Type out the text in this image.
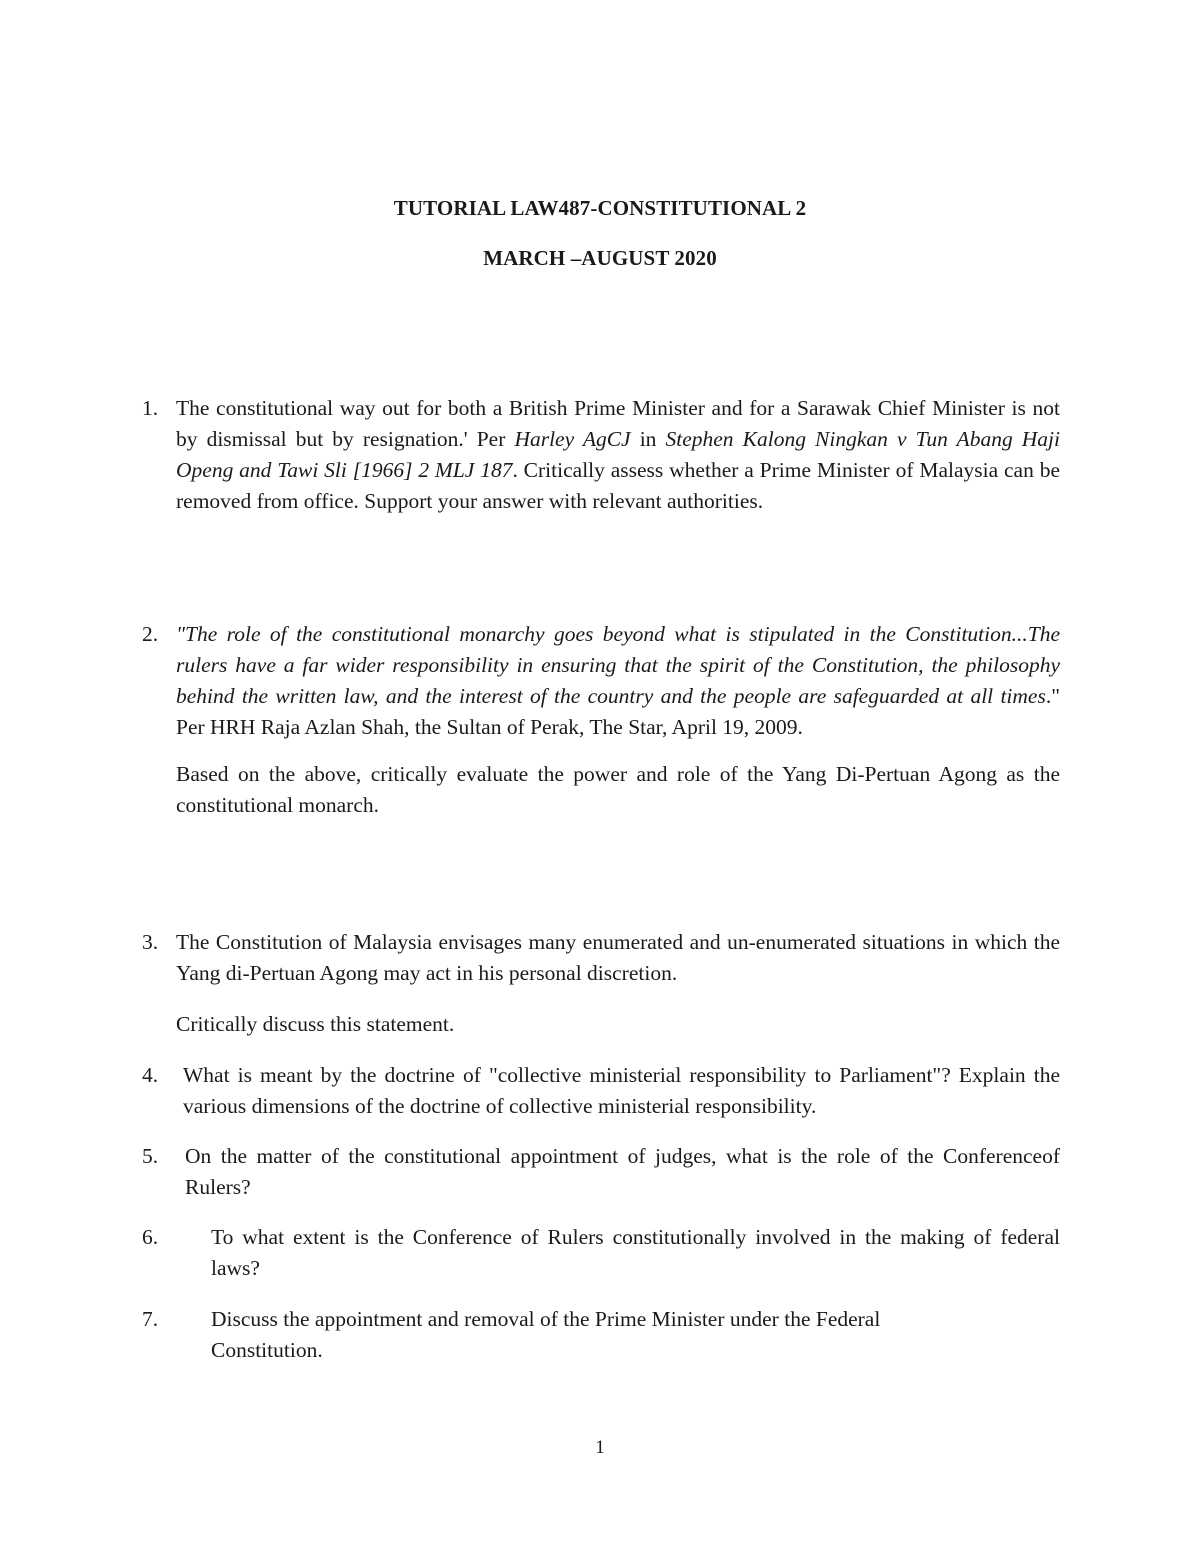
TUTORIAL LAW487-CONSTITUTIONAL 2
MARCH –AUGUST 2020
1. The constitutional way out for both a British Prime Minister and for a Sarawak Chief Minister is not by dismissal but by resignation.' Per Harley AgCJ in Stephen Kalong Ningkan v Tun Abang Haji Openg and Tawi Sli [1966] 2 MLJ 187. Critically assess whether a Prime Minister of Malaysia can be removed from office. Support your answer with relevant authorities.

2. "The role of the constitutional monarchy goes beyond what is stipulated in the Constitution...The rulers have a far wider responsibility in ensuring that the spirit of the Constitution, the philosophy behind the written law, and the interest of the country and the people are safeguarded at all times." Per HRH Raja Azlan Shah, the Sultan of Perak, The Star, April 19, 2009.

Based on the above, critically evaluate the power and role of the Yang Di-Pertuan Agong as the constitutional monarch.

3. The Constitution of Malaysia envisages many enumerated and un-enumerated situations in which the Yang di-Pertuan Agong may act in his personal discretion.

Critically discuss this statement.

4. What is meant by the doctrine of "collective ministerial responsibility to Parliament"? Explain the various dimensions of the doctrine of collective ministerial responsibility.
5. On the matter of the constitutional appointment of judges, what is the role of the Conferenceof Rulers?
6. To what extent is the Conference of Rulers constitutionally involved in the making of federal laws?
7. Discuss the appointment and removal of the Prime Minister under the Federal Constitution.
1
